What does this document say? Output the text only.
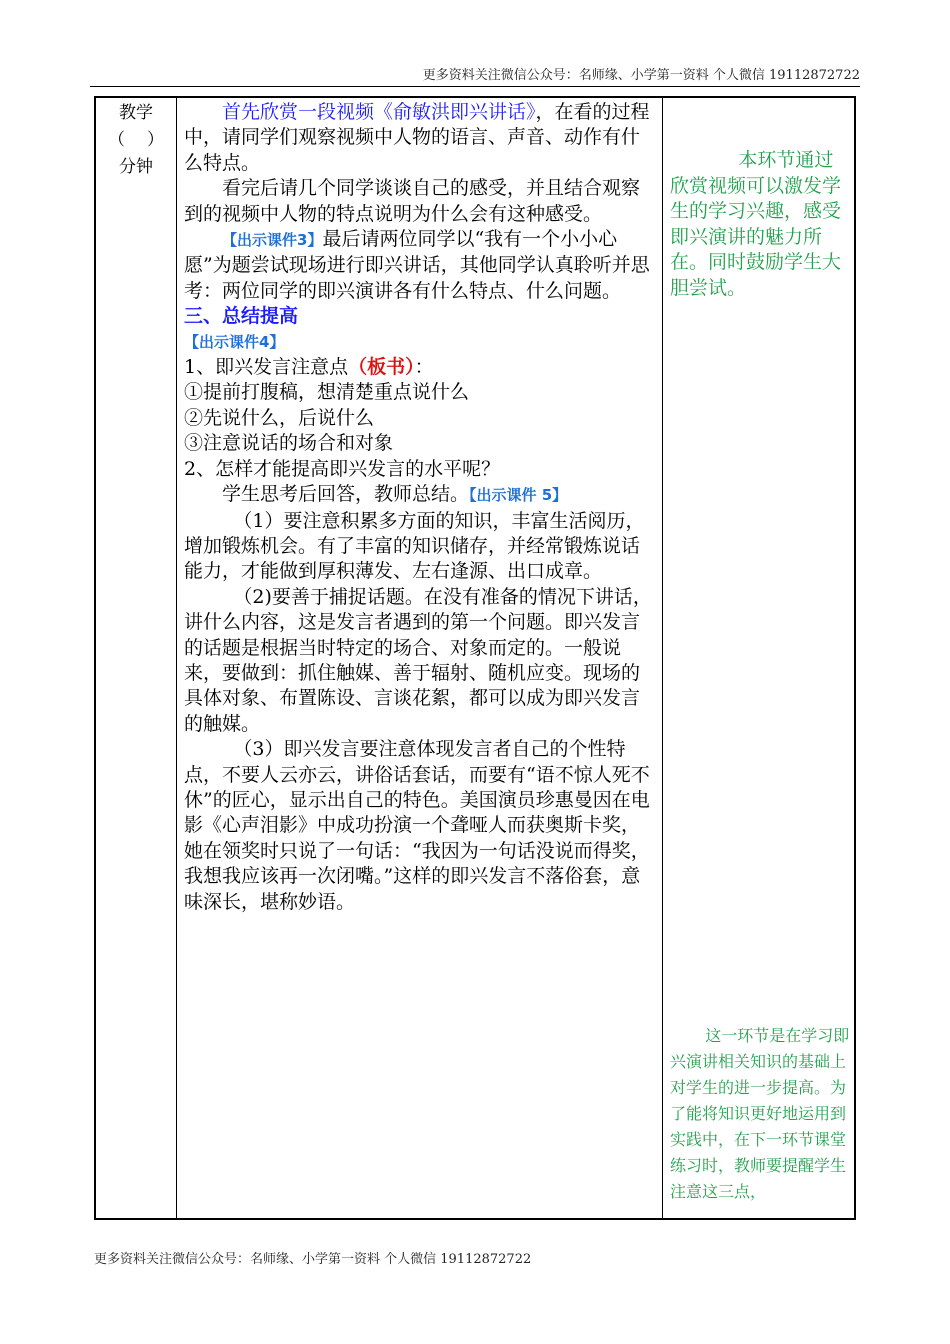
更多资料关注微信公众号：名师缘、小学第一资料 个人微信 19112872722
教学
（ ）
分钟

首先欣赏一段视频《俞敏洪即兴讲话》，在看的过程中，请同学们观察视频中人物的语言、声音、动作有什么特点。

看完后请几个同学谈谈自己的感受，并且结合观察到的视频中人物的特点说明为什么会有这种感受。

【出示课件3】最后请两位同学以“我有一个小小心愿”为题尝试现场进行即兴讲话，其他同学认真聆听并思考：两位同学的即兴演讲各有什么特点、什么问题。

三、总结提高

【出示课件4】

1、即兴发言注意点（板书）：

①提前打腹稿，想清楚重点说什么

②先说什么，后说什么

③注意说话的场合和对象

2、怎样才能提高即兴发言的水平呢？

学生思考后回答，教师总结。【出示课件 5】

（1）要注意积累多方面的知识，丰富生活阅历，增加锻炼机会。有了丰富的知识储存，并经常锻炼说话能力，才能做到厚积薄发、左右逢源、出口成章。

（2)要善于捕捉话题。在没有准备的情况下讲话，讲什么内容，这是发言者遇到的第一个问题。即兴发言的话题是根据当时特定的场合、对象而定的。一般说来，要做到：抓住触媒、善于辐射、随机应变。现场的具体对象、布置陈设、言谈花絮，都可以成为即兴发言的触媒。

（3）即兴发言要注意体现发言者自己的个性特点，不要人云亦云，讲俗话套话，而要有“语不惊人死不休”的匠心，显示出自己的特色。美国演员珍惠曼因在电影《心声泪影》中成功扮演一个聋哑人而获奥斯卡奖，她在领奖时只说了一句话：“我因为一句话没说而得奖，我想我应该再一次闭嘴。”这样的即兴发言不落俗套，意味深长，堪称妙语。

本环节通过欣赏视频可以激发学生的学习兴趣，感受即兴演讲的魅力所在。同时鼓励学生大胆尝试。
这一环节是在学习即兴演讲相关知识的基础上对学生的进一步提高。为了能将知识更好地运用到实践中，在下一环节课堂练习时，教师要提醒学生注意这三点，
更多资料关注微信公众号：名师缘、小学第一资料 个人微信 19112872722
